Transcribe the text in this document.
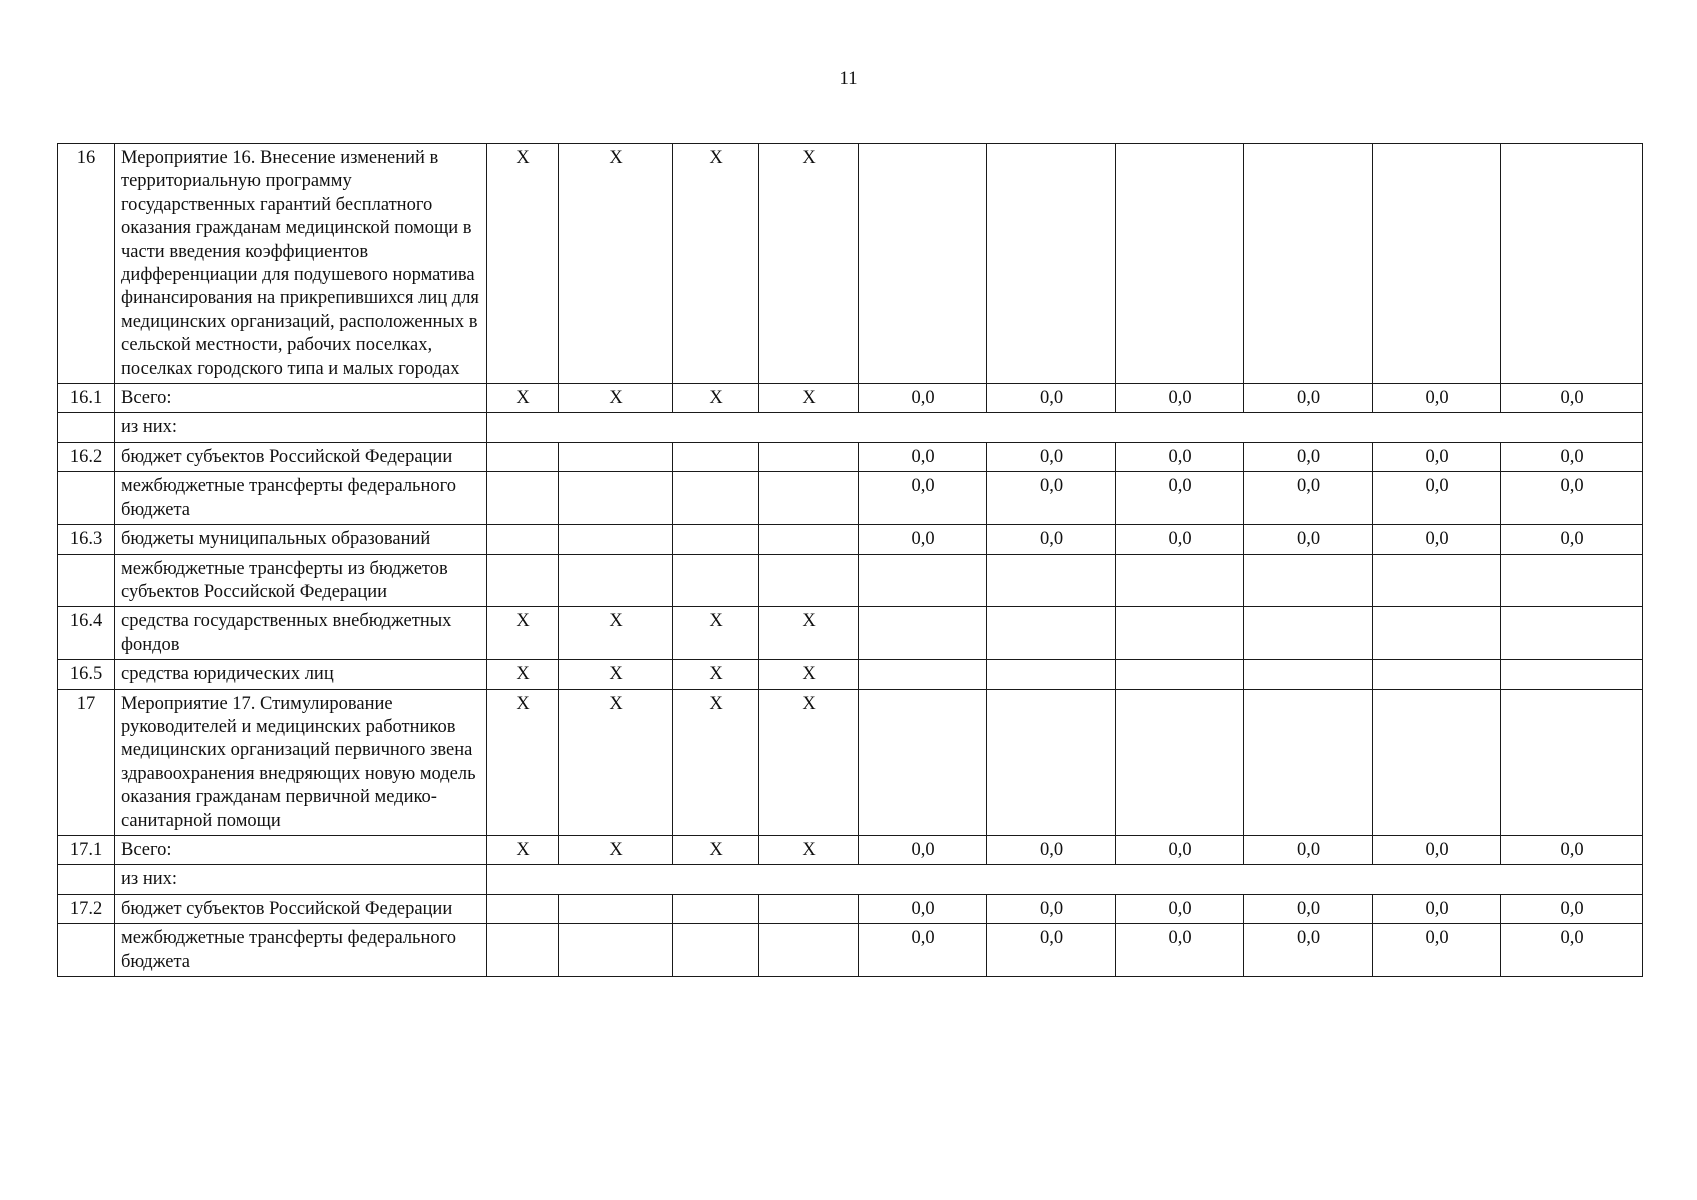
11
16	Мероприятие 16. Внесение изменений в территориальную программу государственных гарантий бесплатного оказания гражданам медицинской помощи в части введения коэффициентов дифференциации для подушевого норматива финансирования на прикрепившихся лиц для медицинских организаций, расположенных в сельской местности, рабочих поселках, поселках городского типа и малых городах	X	X	X	X						
16.1	Всего:	X	X	X	X	0,0	0,0	0,0	0,0	0,0	0,0
	из них:										
16.2	бюджет субъектов Российской Федерации					0,0	0,0	0,0	0,0	0,0	0,0
	межбюджетные трансферты федерального бюджета					0,0	0,0	0,0	0,0	0,0	0,0
16.3	бюджеты муниципальных образований					0,0	0,0	0,0	0,0	0,0	0,0
	межбюджетные трансферты из бюджетов субъектов Российской Федерации										
16.4	средства государственных внебюджетных фондов	X	X	X	X						
16.5	средства юридических лиц	X	X	X	X						
17	Мероприятие 17. Стимулирование руководителей и медицинских работников медицинских организаций первичного звена здравоохранения внедряющих новую модель оказания гражданам первичной медико-санитарной помощи	X	X	X	X						
17.1	Всего:	X	X	X	X	0,0	0,0	0,0	0,0	0,0	0,0
	из них:										
17.2	бюджет субъектов Российской Федерации					0,0	0,0	0,0	0,0	0,0	0,0
	межбюджетные трансферты федерального бюджета					0,0	0,0	0,0	0,0	0,0	0,0
